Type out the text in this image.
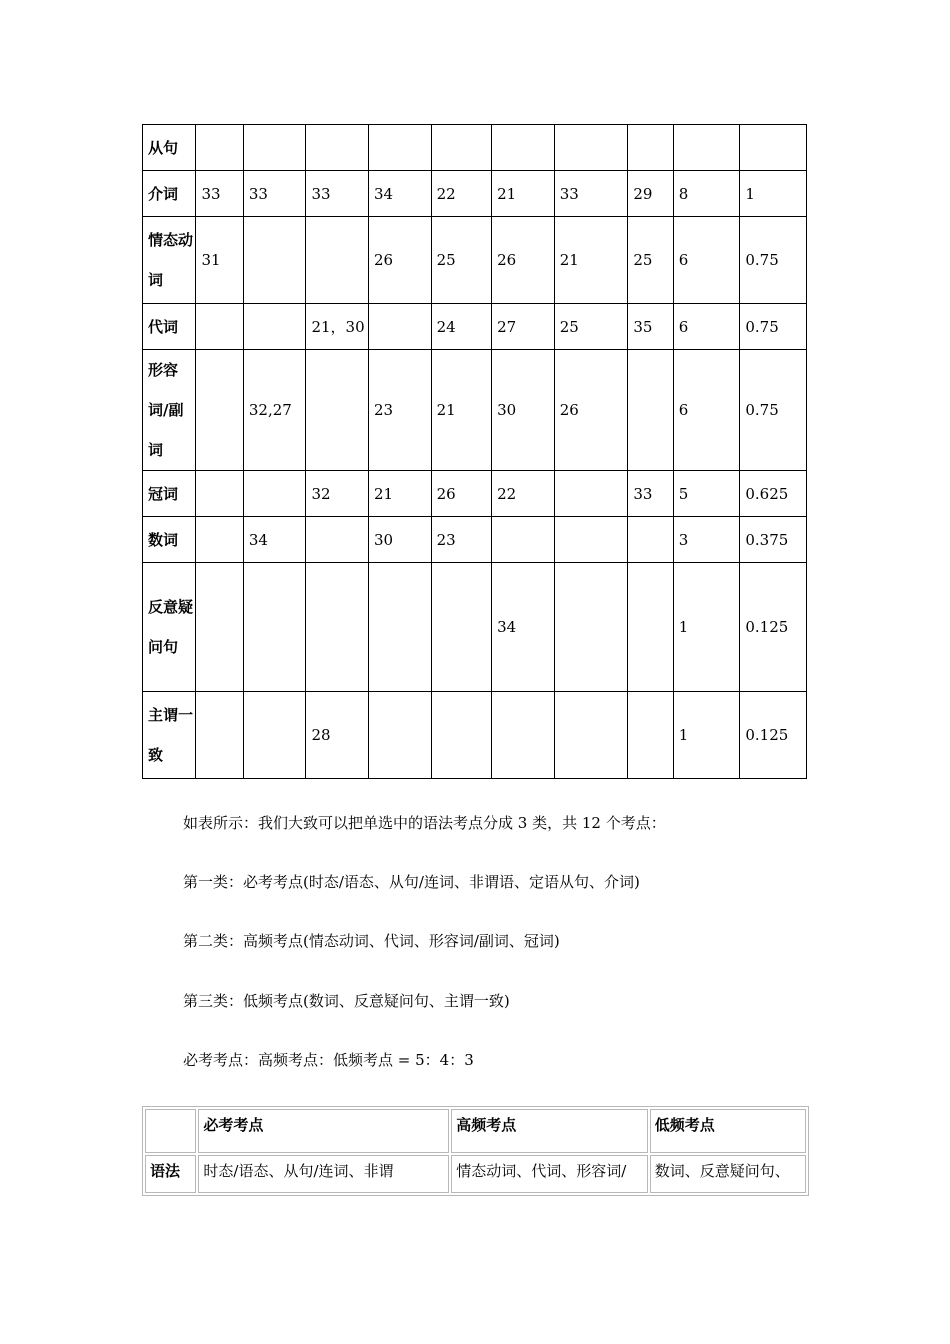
从句										
介词	33	33	33	34	22	21	33	29	8	1
情态动词	31			26	25	26	21	25	6	0.75
代词			21，30		24	27	25	35	6	0.75
形容词/副词		32,27		23	21	30	26		6	0.75
冠词			32	21	26	22		33	5	0.625
数词		34		30	23				3	0.375
反意疑问句						34			1	0.125
主谓一致			28						1	0.125

如表所示：我们大致可以把单选中的语法考点分成 3 类，共 12 个考点：

第一类：必考考点(时态/语态、从句/连词、非谓语、定语从句、介词)

第二类：高频考点(情态动词、代词、形容词/副词、冠词)

第三类：低频考点(数词、反意疑问句、主谓一致)

必考考点：高频考点：低频考点 = 5：4：3

	必考考点	高频考点	低频考点
语法	时态/语态、从句/连词、非谓	情态动词、代词、形容词/	数词、反意疑问句、
